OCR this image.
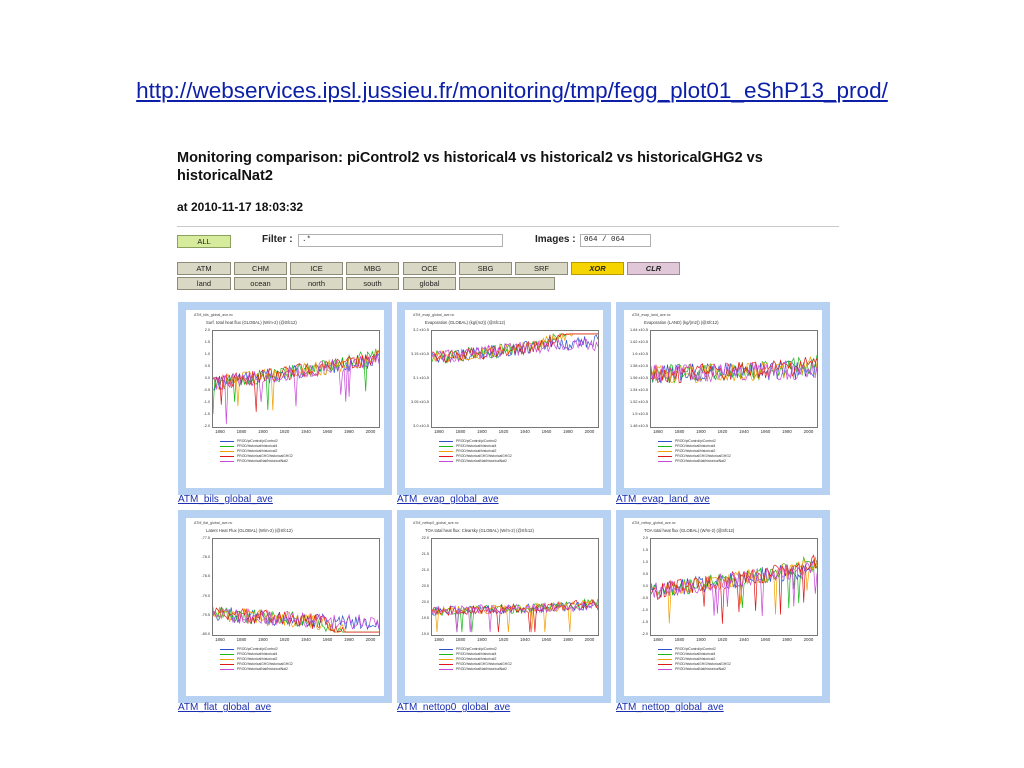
http://webservices.ipsl.jussieu.fr/monitoring/tmp/fegg_plot01_eShP13_prod/
Monitoring comparison: piControl2 vs historical4 vs historical2 vs historicalGHG2 vs historicalNat2
at 2010-11-17 18:03:32
ALL	Filter :	.*	Images :	064 / 064
ATM	CHM	ICE	MBG	OCE	SBG	SRF	XOR	CLR
land	ocean	north	south	global
ATM_bils_global_ave.nc
Surf. total heat flux (GLOBAL) (W/m-2) (@Sfc12)
2.0
1.5
1.0
0.5
0.0
-0.5
-1.0
-1.5
-2.0
1860	1880	1900	1920	1940	1960	1980	2000
PROD/piControl/piControl2
PROD/historical/historical4
PROD/historical/historical2
PROD/historicalGHG/historicalGHG2
PROD/historicalNat/historicalNat2
ATM_bils_global_ave
ATM_evap_global_ave.nc
Evaporation (GLOBAL) (kg/(m2)) (@Sfc12)
3.2 x10-5
3.15 x10-5
3.1 x10-5
3.05 x10-5
3.0 x10-5
1860	1880	1900	1920	1940	1960	1980	2000
PROD/piControl/piControl2
PROD/historical/historical4
PROD/historical/historical2
PROD/historicalGHG/historicalGHG2
PROD/historicalNat/historicalNat2
ATM_evap_global_ave
ATM_evap_land_ave.nc
Evaporation (LAND) (kg/(m2)) (@Sfc12)
1.64 x10-5
1.62 x10-5
1.6 x10-5
1.58 x10-5
1.56 x10-5
1.54 x10-5
1.52 x10-5
1.5 x10-5
1.48 x10-5
1860	1880	1900	1920	1940	1960	1980	2000
PROD/piControl/piControl2
PROD/historical/historical4
PROD/historical/historical2
PROD/historicalGHG/historicalGHG2
PROD/historicalNat/historicalNat2
ATM_evap_land_ave
ATM_flat_global_ave.nc
Latent Heat Flux (GLOBAL) (W/m-2) (@Sfc12)
-77.5
-78.0
-78.5
-79.0
-79.5
-80.0
1860	1880	1900	1920	1940	1960	1980	2000
PROD/piControl/piControl2
PROD/historical/historical4
PROD/historical/historical2
PROD/historicalGHG/historicalGHG2
PROD/historicalNat/historicalNat2
ATM_flat_global_ave
ATM_nettop0_global_ave.nc
TOA total heat flux: Clearsky (GLOBAL) (W/m-2) (@Sfc12)
22.0
21.5
21.0
20.5
20.0
19.5
19.0
1860	1880	1900	1920	1940	1960	1980	2000
PROD/piControl/piControl2
PROD/historical/historical4
PROD/historical/historical2
PROD/historicalGHG/historicalGHG2
PROD/historicalNat/historicalNat2
ATM_nettop0_global_ave
ATM_nettop_global_ave.nc
TOA total heat flux (GLOBAL) (W/m-2) (@Sfc12)
2.0
1.5
1.0
0.5
0.0
-0.5
-1.0
-1.5
-2.0
1860	1880	1900	1920	1940	1960	1980	2000
PROD/piControl/piControl2
PROD/historical/historical4
PROD/historical/historical2
PROD/historicalGHG/historicalGHG2
PROD/historicalNat/historicalNat2
ATM_nettop_global_ave
